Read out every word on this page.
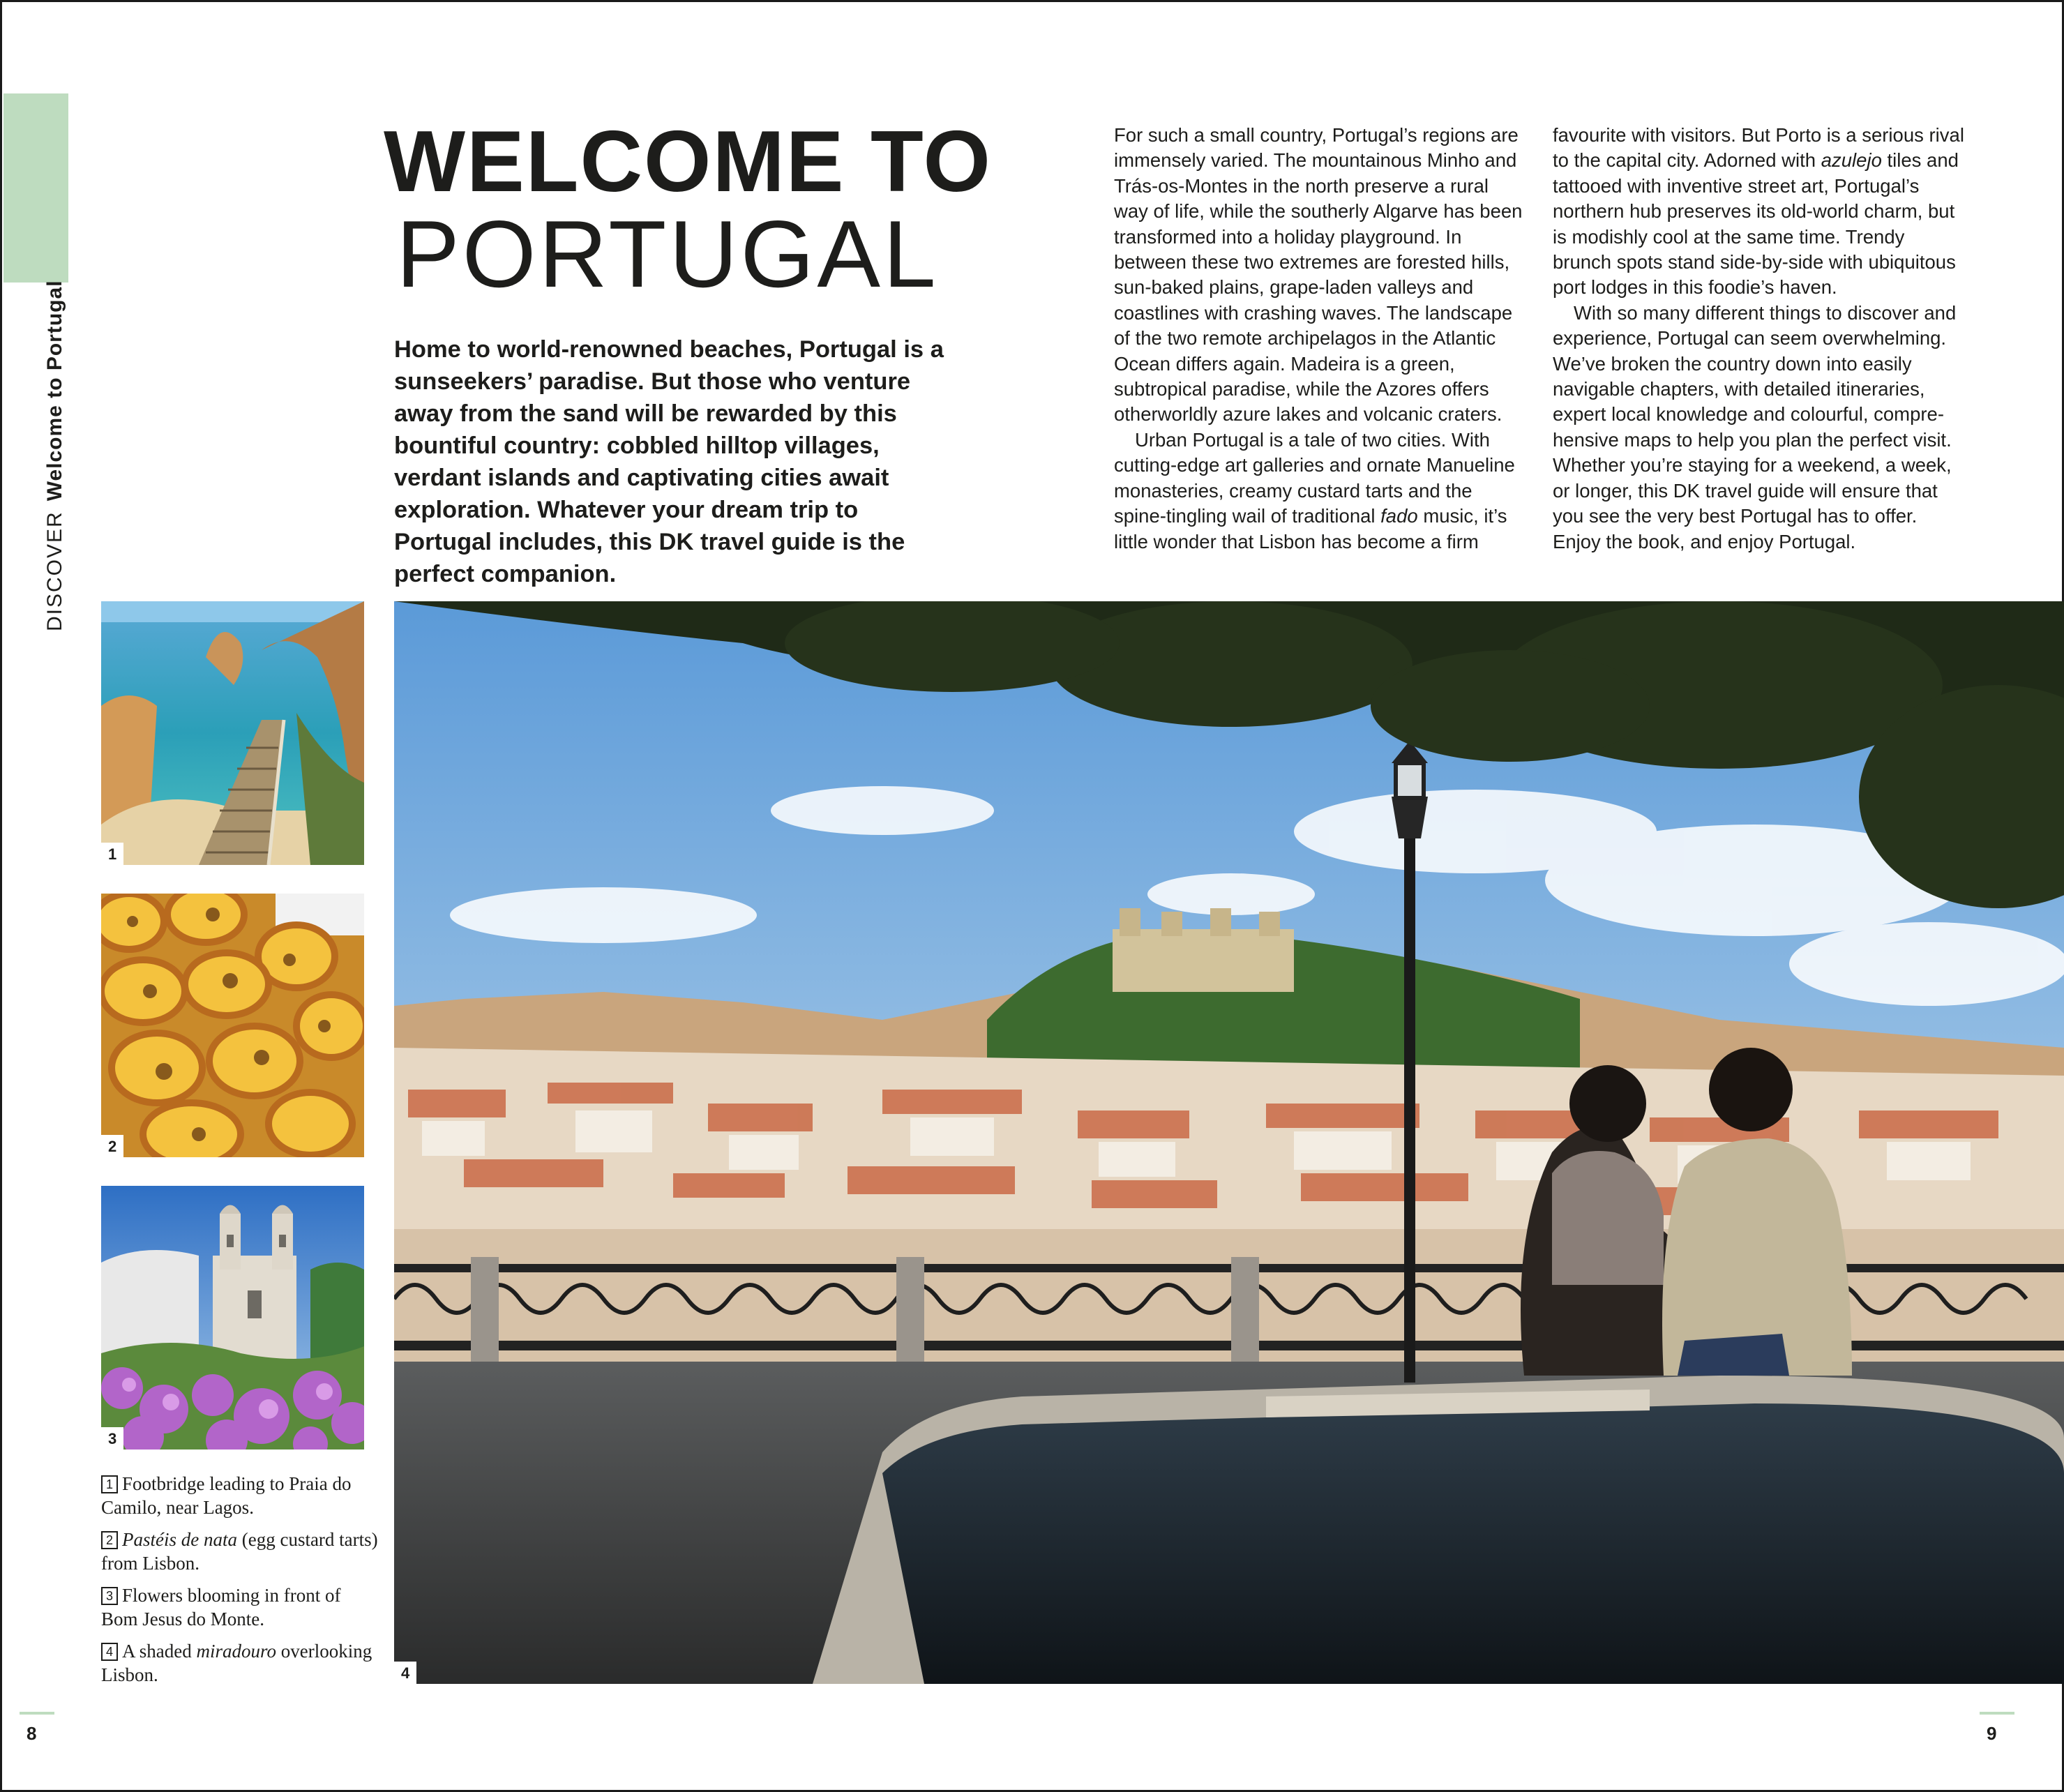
DISCOVERWelcome to Portugal
WELCOME TO
PORTUGAL

Home to world-renowned beaches, Portugal is a sunseekers’ paradise. But those who venture away from the sand will be rewarded by this bountiful country: cobbled hilltop villages, verdant islands and captivating cities await exploration. Whatever your dream trip to Portugal includes, this DK travel guide is the perfect companion.

For such a small country, Portugal’s regions are immensely varied. The mountainous Minho and Trás-os-Montes in the north preserve a rural way of life, while the southerly Algarve has been transformed into a holiday playground. In between these two extremes are forested hills, sun-baked plains, grape-laden valleys and coastlines with crashing waves. The landscape of the two remote archipelagos in the Atlantic Ocean differs again. Madeira is a green, subtropical paradise, while the Azores offers otherworldly azure lakes and volcanic craters.

Urban Portugal is a tale of two cities. With cutting-edge art galleries and ornate Manueline monasteries, creamy custard tarts and the spine-tingling wail of traditional fado music, it’s little wonder that Lisbon has become a firm

favourite with visitors. But Porto is a serious rival to the capital city. Adorned with azulejo tiles and tattooed with inventive street art, Portugal’s northern hub preserves its old-world charm, but is modishly cool at the same time. Trendy brunch spots stand side-by-side with ubiquitous port lodges in this foodie’s haven.

With so many different things to discover and experience, Portugal can seem overwhelming. We’ve broken the country down into easily navigable chapters, with detailed itineraries, expert local knowledge and colourful, comprehensive maps to help you plan the perfect visit. Whether you’re staying for a weekend, a week, or longer, this DK travel guide will ensure that you see the very best Portugal has to offer. Enjoy the book, and enjoy Portugal.

1
2
3
4

1 Footbridge leading to Praia do Camilo, near Lagos.

2 Pastéis de nata (egg custard tarts) from Lisbon.

3 Flowers blooming in front of Bom Jesus do Monte.

4 A shaded miradouro overlooking Lisbon.

8	9
